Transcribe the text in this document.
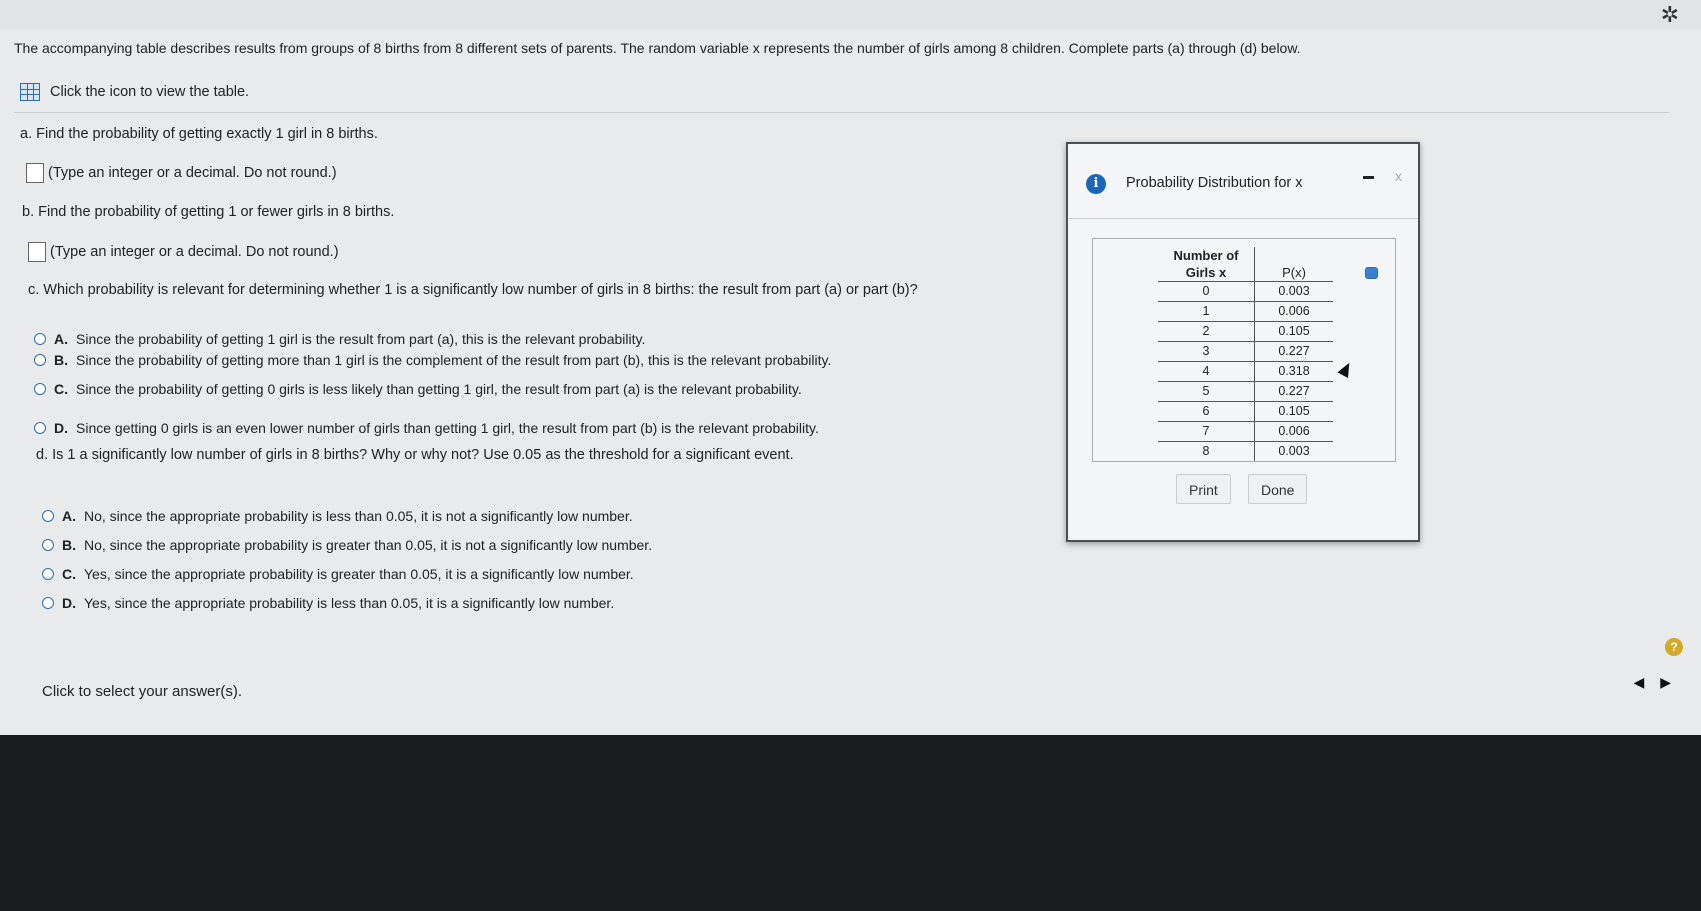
✲
The accompanying table describes results from groups of 8 births from 8 different sets of parents. The random variable x represents the number of girls among 8 children. Complete parts (a) through (d) below.
Click the icon to view the table.
a. Find the probability of getting exactly 1 girl in 8 births.
(Type an integer or a decimal. Do not round.)
b. Find the probability of getting 1 or fewer girls in 8 births.
(Type an integer or a decimal. Do not round.)
c. Which probability is relevant for determining whether 1 is a significantly low number of girls in 8 births: the result from part (a) or part (b)?
A. Since the probability of getting 1 girl is the result from part (a), this is the relevant probability.
B. Since the probability of getting more than 1 girl is the complement of the result from part (b), this is the relevant probability.
C. Since the probability of getting 0 girls is less likely than getting 1 girl, the result from part (a) is the relevant probability.
D. Since getting 0 girls is an even lower number of girls than getting 1 girl, the result from part (b) is the relevant probability.
d. Is 1 a significantly low number of girls in 8 births? Why or why not? Use 0.05 as the threshold for a significant event.
A. No, since the appropriate probability is less than 0.05, it is not a significantly low number.
B. No, since the appropriate probability is greater than 0.05, it is not a significantly low number.
C. Yes, since the appropriate probability is greater than 0.05, it is a significantly low number.
D. Yes, since the appropriate probability is less than 0.05, it is a significantly low number.
?
Click to select your answer(s).
◀ ▶
i	Probability Distribution for x	x
Number of
Girls x	P(x)
0	0.003
1	0.006
2	0.105
3	0.227
4	0.318
5	0.227
6	0.105
7	0.006
8	0.003
Print	Done
